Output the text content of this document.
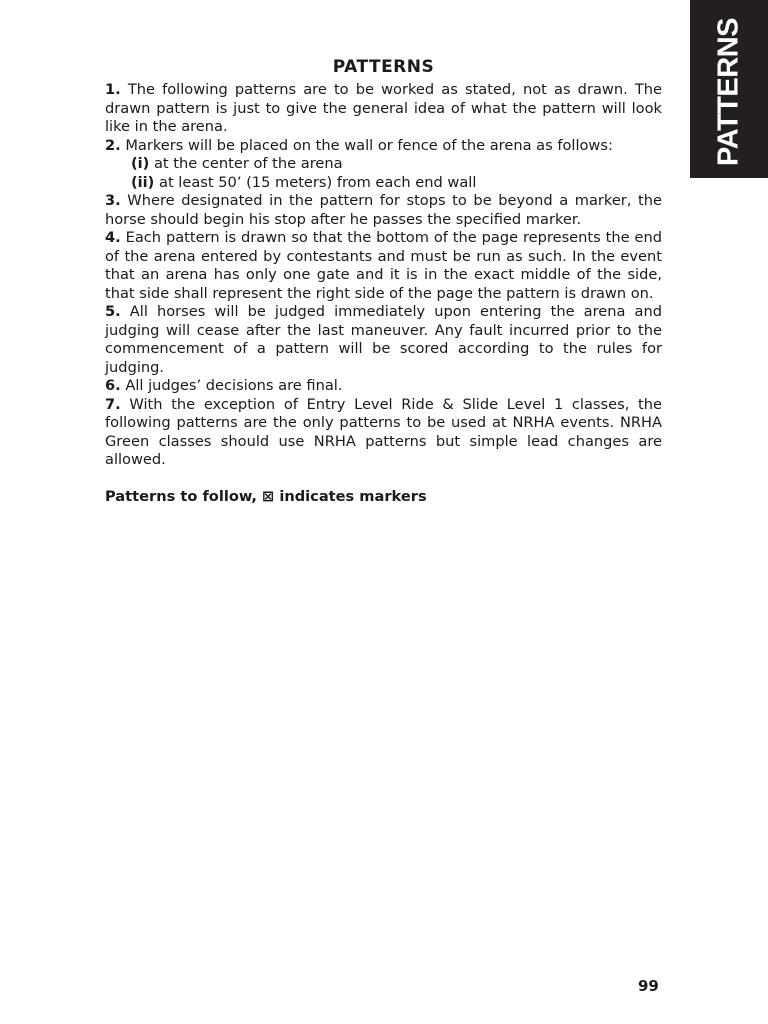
PATTERNS
PATTERNS

1. The following patterns are to be worked as stated, not as drawn. The drawn pattern is just to give the general idea of what the pattern will look like in the arena.

2. Markers will be placed on the wall or fence of the arena as follows:

(i) at the center of the arena

(ii) at least 50’ (15 meters) from each end wall

3. Where designated in the pattern for stops to be beyond a marker, the horse should begin his stop after he passes the specified marker.

4. Each pattern is drawn so that the bottom of the page represents the end of the arena entered by contestants and must be run as such. In the event that an arena has only one gate and it is in the exact middle of the side, that side shall represent the right side of the page the pattern is drawn on.

5. All horses will be judged immediately upon entering the arena and judging will cease after the last maneuver. Any fault incurred prior to the commencement of a pattern will be scored according to the rules for judging.

6. All judges’ decisions are final.

7. With the exception of Entry Level Ride & Slide Level 1 classes, the following patterns are the only patterns to be used at NRHA events. NRHA Green classes should use NRHA patterns but simple lead changes are allowed.

Patterns to follow, ⊠ indicates markers

99
